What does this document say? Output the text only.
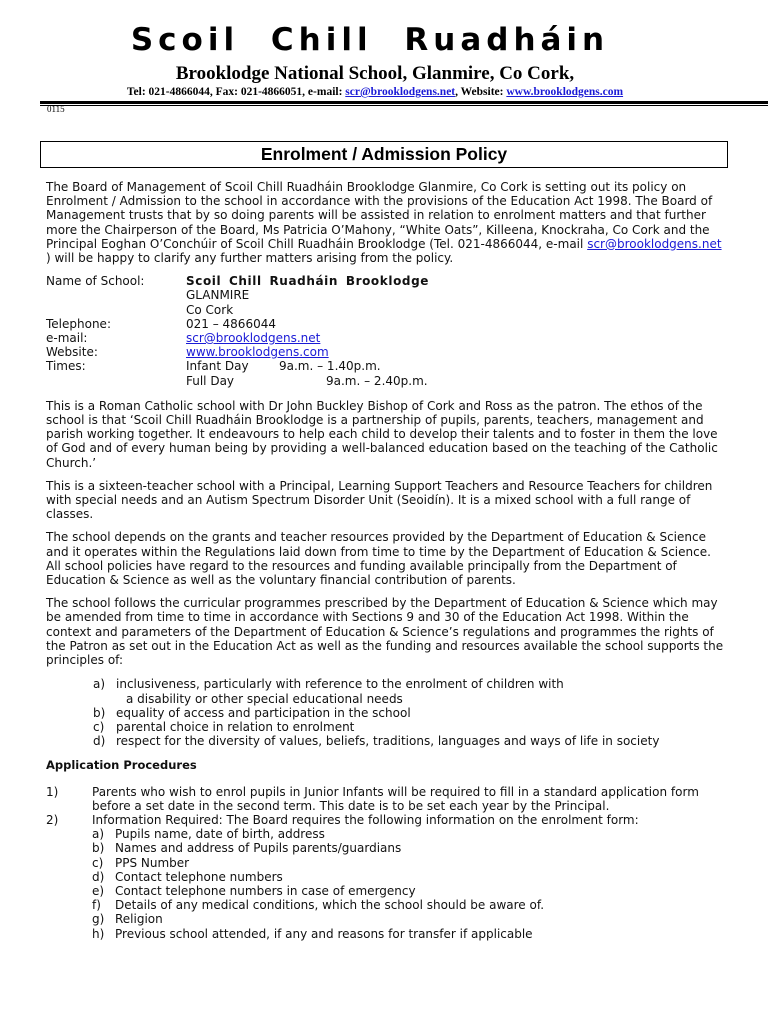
Scoil Chill Ruadháin
Brooklodge National School, Glanmire, Co Cork,
Tel: 021-4866044, Fax: 021-4866051, e-mail: scr@brooklodgens.net, Website: www.brooklodgens.com
0115
Enrolment / Admission Policy

The Board of Management of Scoil Chill Ruadháin Brooklodge Glanmire, Co Cork is setting out its policy on Enrolment / Admission to the school in accordance with the provisions of the Education Act 1998. The Board of Management trusts that by so doing parents will be assisted in relation to enrolment matters and that further more the Chairperson of the Board, Ms Patricia O’Mahony, “White Oats”, Killeena, Knockraha, Co Cork and the Principal Eoghan O’Conchúir of Scoil Chill Ruadháin Brooklodge (Tel. 021-4866044, e-mail scr@brooklodgens.net ) will be happy to clarify any further matters arising from the policy.

Name of School:	Scoil Chill Ruadháin Brooklodge
GLANMIRE
Co Cork
Telephone:	021 – 4866044
e-mail:	scr@brooklodgens.net
Website:	www.brooklodgens.com
Times:	Infant Day	9a.m. – 1.40p.m.
Full Day	9a.m. – 2.40p.m.

This is a Roman Catholic school with Dr John Buckley Bishop of Cork and Ross as the patron. The ethos of the school is that ‘Scoil Chill Ruadháin Brooklodge is a partnership of pupils, parents, teachers, management and parish working together. It endeavours to help each child to develop their talents and to foster in them the love of God and of every human being by providing a well-balanced education based on the teaching of the Catholic Church.’

This is a sixteen-teacher school with a Principal, Learning Support Teachers and Resource Teachers for children with special needs and an Autism Spectrum Disorder Unit (Seoidín). It is a mixed school with a full range of classes.

The school depends on the grants and teacher resources provided by the Department of Education & Science and it operates within the Regulations laid down from time to time by the Department of Education & Science. All school policies have regard to the resources and funding available principally from the Department of Education & Science as well as the voluntary financial contribution of parents.

The school follows the curricular programmes prescribed by the Department of Education & Science which may be amended from time to time in accordance with Sections 9 and 30 of the Education Act 1998. Within the context and parameters of the Department of Education & Science’s regulations and programmes the rights of the Patron as set out in the Education Act as well as the funding and resources available the school supports the principles of:

a) inclusiveness, particularly with reference to the enrolment of children with
a disability or other special educational needs
b) equality of access and participation in the school
c) parental choice in relation to enrolment
d) respect for the diversity of values, beliefs, traditions, languages and ways of life in society
Application Procedures
1)	Parents who wish to enrol pupils in Junior Infants will be required to fill in a standard application form before a set date in the second term. This date is to be set each year by the Principal.
2)	Information Required: The Board requires the following information on the enrolment form:
a) Pupils name, date of birth, address
b) Names and address of Pupils parents/guardians
c) PPS Number
d) Contact telephone numbers
e) Contact telephone numbers in case of emergency
f)	Details of any medical conditions, which the school should be aware of.
g) Religion
h) Previous school attended, if any and reasons for transfer if applicable
